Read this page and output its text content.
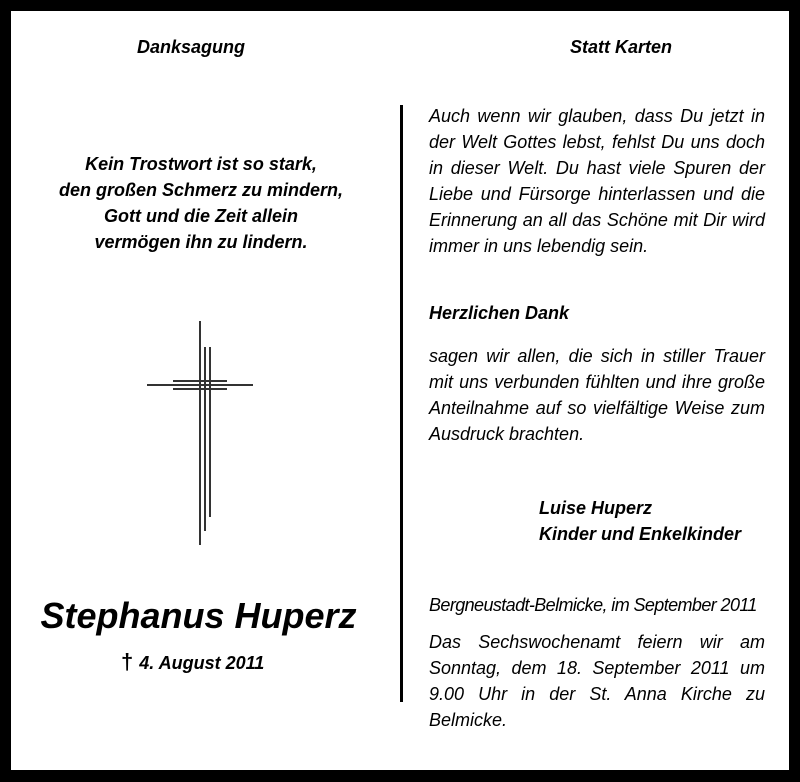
Danksagung	Statt Karten
Kein Trostwort ist so stark,
den großen Schmerz zu mindern,
Gott und die Zeit allein
vermögen ihn zu lindern.
Stephanus Huperz
† 4. August 2011
Auch wenn wir glauben, dass Du jetzt in der Welt Gottes lebst, fehlst Du uns doch in dieser Welt. Du hast viele Spuren der Liebe und Fürsorge hinterlassen und die Erinnerung an all das Schöne mit Dir wird immer in uns lebendig sein.
Herzlichen Dank
sagen wir allen, die sich in stiller Trauer mit uns verbunden fühlten und ihre große Anteilnahme auf so vielfältige Weise zum Ausdruck brachten.
Luise Huperz
Kinder und Enkelkinder
Bergneustadt-Belmicke, im September 2011
Das Sechswochenamt feiern wir am Sonntag, dem 18. September 2011 um 9.00 Uhr in der St. Anna Kirche zu Belmicke.
